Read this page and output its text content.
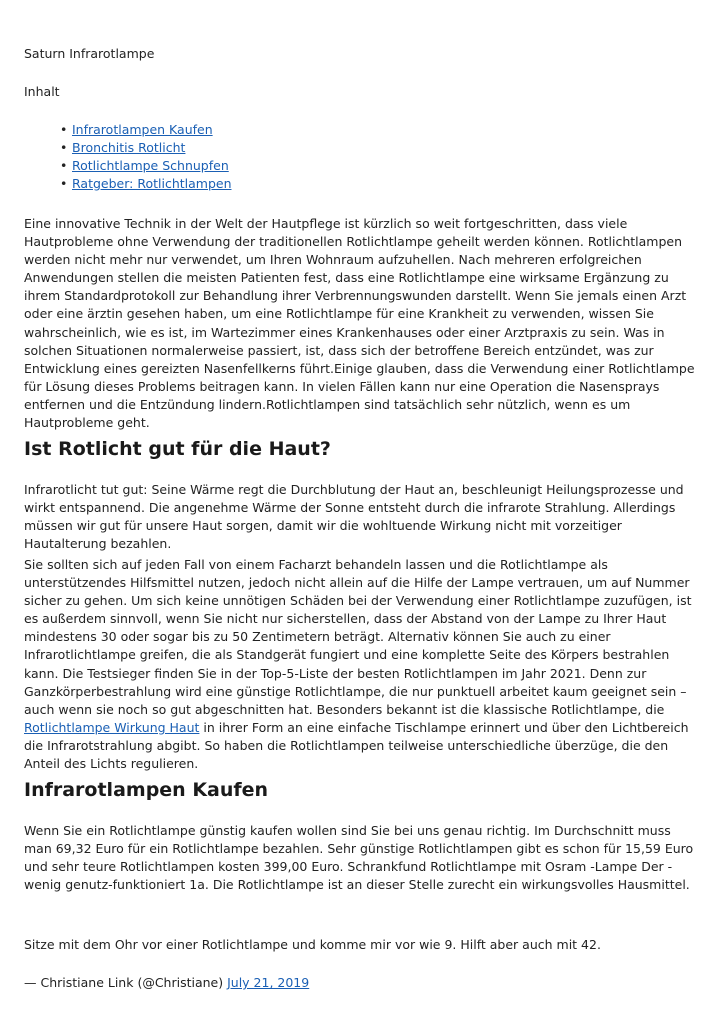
Saturn Infrarotlampe

Inhalt

• Infrarotlampen Kaufen
• Bronchitis Rotlicht
• Rotlichtlampe Schnupfen
• Ratgeber: Rotlichtlampen

Eine innovative Technik in der Welt der Hautpflege ist kürzlich so weit fortgeschritten, dass viele Hautprobleme ohne Verwendung der traditionellen Rotlichtlampe geheilt werden können. Rotlichtlampen werden nicht mehr nur verwendet, um Ihren Wohnraum aufzuhellen. Nach mehreren erfolgreichen Anwendungen stellen die meisten Patienten fest, dass eine Rotlichtlampe eine wirksame Ergänzung zu ihrem Standardprotokoll zur Behandlung ihrer Verbrennungswunden darstellt. Wenn Sie jemals einen Arzt oder eine ärztin gesehen haben, um eine Rotlichtlampe für eine Krankheit zu verwenden, wissen Sie wahrscheinlich, wie es ist, im Wartezimmer eines Krankenhauses oder einer Arztpraxis zu sein. Was in solchen Situationen normalerweise passiert, ist, dass sich der betroffene Bereich entzündet, was zur Entwicklung eines gereizten Nasenfellkerns führt.Einige glauben, dass die Verwendung einer Rotlichtlampe für Lösung dieses Problems beitragen kann. In vielen Fällen kann nur eine Operation die Nasensprays entfernen und die Entzündung lindern.Rotlichtlampen sind tatsächlich sehr nützlich, wenn es um Hautprobleme geht.

Ist Rotlicht gut für die Haut?

Infrarotlicht tut gut: Seine Wärme regt die Durchblutung der Haut an, beschleunigt Heilungsprozesse und wirkt entspannend. Die angenehme Wärme der Sonne entsteht durch die infrarote Strahlung. Allerdings müssen wir gut für unsere Haut sorgen, damit wir die wohltuende Wirkung nicht mit vorzeitiger Hautalterung bezahlen.

Sie sollten sich auf jeden Fall von einem Facharzt behandeln lassen und die Rotlichtlampe als unterstützendes Hilfsmittel nutzen, jedoch nicht allein auf die Hilfe der Lampe vertrauen, um auf Nummer sicher zu gehen. Um sich keine unnötigen Schäden bei der Verwendung einer Rotlichtlampe zuzufügen, ist es außerdem sinnvoll, wenn Sie nicht nur sicherstellen, dass der Abstand von der Lampe zu Ihrer Haut mindestens 30 oder sogar bis zu 50 Zentimetern beträgt. Alternativ können Sie auch zu einer Infrarotlichtlampe greifen, die als Standgerät fungiert und eine komplette Seite des Körpers bestrahlen kann. Die Testsieger finden Sie in der Top-5-Liste der besten Rotlichtlampen im Jahr 2021. Denn zur Ganzkörperbestrahlung wird eine günstige Rotlichtlampe, die nur punktuell arbeitet kaum geeignet sein – auch wenn sie noch so gut abgeschnitten hat. Besonders bekannt ist die klassische Rotlichtlampe, die Rotlichtlampe Wirkung Haut in ihrer Form an eine einfache Tischlampe erinnert und über den Lichtbereich die Infrarotstrahlung abgibt. So haben die Rotlichtlampen teilweise unterschiedliche überzüge, die den Anteil des Lichts regulieren.

Infrarotlampen Kaufen

Wenn Sie ein Rotlichtlampe günstig kaufen wollen sind Sie bei uns genau richtig. Im Durchschnitt muss man 69,32 Euro für ein Rotlichtlampe bezahlen. Sehr günstige Rotlichtlampen gibt es schon für 15,59 Euro und sehr teure Rotlichtlampen kosten 399,00 Euro. Schrankfund Rotlichtlampe mit Osram -Lampe Der -wenig genutz-funktioniert 1a. Die Rotlichtlampe ist an dieser Stelle zurecht ein wirkungsvolles Hausmittel.

Sitze mit dem Ohr vor einer Rotlichtlampe und komme mir vor wie 9. Hilft aber auch mit 42.

— Christiane Link (@Christiane) July 21, 2019
